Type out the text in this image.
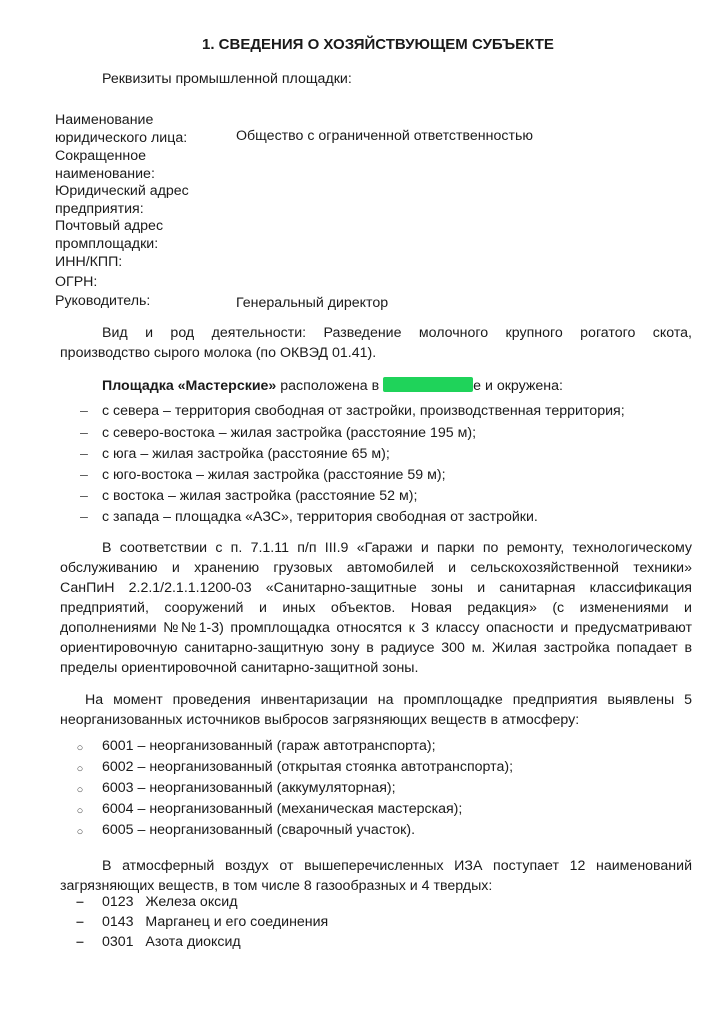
1. СВЕДЕНИЯ О ХОЗЯЙСТВУЮЩЕМ СУБЪЕКТЕ
Реквизиты промышленной площадки:
Наименование
юридического лица:	Общество с ограниченной ответственностью
Сокращенное
наименование:
Юридический адрес
предприятия:
Почтовый адрес
промплощадки:
ИНН/КПП:
ОГРН:
Руководитель:	Генеральный директор
Вид и род деятельности: Разведение молочного крупного рогатого скота,
производство сырого молока (по ОКВЭД 01.41).
Площадка «Мастерские» расположена в	е и окружена:
– с севера – территория свободная от застройки, производственная территория;
– с северо-востока – жилая застройка (расстояние 195 м);
– с юга – жилая застройка (расстояние 65 м);
– с юго-востока – жилая застройка (расстояние 59 м);
– с востока – жилая застройка (расстояние 52 м);
– с запада – площадка «АЗС», территория свободная от застройки.
В соответствии с п. 7.1.11 п/п III.9 «Гаражи и парки по ремонту, технологическому
обслуживанию и хранению грузовых автомобилей и сельскохозяйственной техники»
СанПиН 2.2.1/2.1.1.1200-03 «Санитарно-защитные зоны и санитарная классификация
предприятий, сооружений и иных объектов. Новая редакция» (с изменениями и
дополнениями №№1-3) промплощадка относятся к 3 классу опасности и предусматривают
ориентировочную санитарно-защитную зону в радиусе 300 м. Жилая застройка попадает в
пределы ориентировочной санитарно-защитной зоны.
На момент проведения инвентаризации на промплощадке предприятия выявлены 5
неорганизованных источников выбросов загрязняющих веществ в атмосферу:
○ 6001 – неорганизованный (гараж автотранспорта);
○ 6002 – неорганизованный (открытая стоянка автотранспорта);
○ 6003 – неорганизованный (аккумуляторная);
○ 6004 – неорганизованный (механическая мастерская);
○ 6005 – неорганизованный (сварочный участок).
В атмосферный воздух от вышеперечисленных ИЗА поступает 12 наименований
загрязняющих веществ, в том числе 8 газообразных и 4 твердых:
– 0123 Железа оксид
– 0143 Марганец и его соединения
– 0301 Азота диоксид
